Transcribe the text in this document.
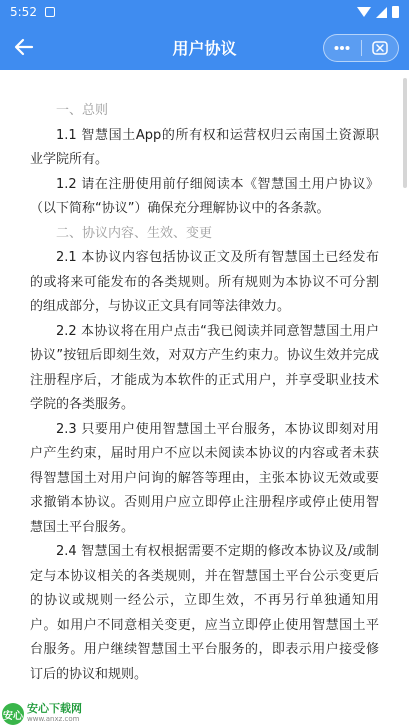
5:52
用户协议

一、总则

1.1 智慧国土App的所有权和运营权归云南国土资源职业学院所有。

1.2 请在注册使用前仔细阅读本《智慧国土用户协议》（以下简称“协议”）确保充分理解协议中的各条款。

二、协议内容、生效、变更

2.1 本协议内容包括协议正文及所有智慧国土已经发布的或将来可能发布的各类规则。所有规则为本协议不可分割的组成部分，与协议正文具有同等法律效力。

2.2 本协议将在用户点击“我已阅读并同意智慧国土用户协议”按钮后即刻生效，对双方产生约束力。协议生效并完成注册程序后，才能成为本软件的正式用户，并享受职业技术学院的各类服务。

2.3 只要用户使用智慧国土平台服务，本协议即刻对用户产生约束，届时用户不应以未阅读本协议的内容或者未获得智慧国土对用户问询的解答等理由，主张本协议无效或要求撤销本协议。否则用户应立即停止注册程序或停止使用智慧国土平台服务。

2.4 智慧国土有权根据需要不定期的修改本协议及/或制定与本协议相关的各类规则，并在智慧国土平台公示变更后的协议或规则一经公示，立即生效，不再另行单独通知用户。如用户不同意相关变更，应当立即停止使用智慧国土平台服务。用户继续智慧国土平台服务的，即表示用户接受修订后的协议和规则。

安心
安心下载网
www.anxz.com
